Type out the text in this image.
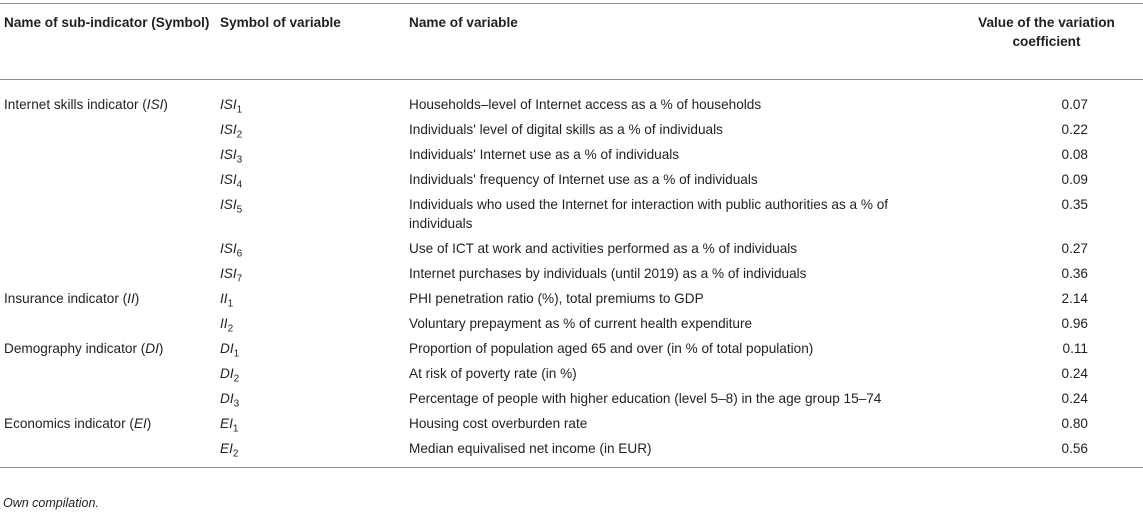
Name of sub-indicator (Symbol)	Symbol of variable	Name of variable	Value of the variation coefficient
Internet skills indicator (ISI)	$ISI_1$	Households–level of Internet access as a % of households	0.07
	$ISI_2$	Individuals' level of digital skills as a % of individuals	0.22
	$ISI_3$	Individuals' Internet use as a % of individuals	0.08
	$ISI_4$	Individuals' frequency of Internet use as a % of individuals	0.09
	$ISI_5$	Individuals who used the Internet for interaction with public authorities as a % of individuals	0.35
	$ISI_6$	Use of ICT at work and activities performed as a % of individuals	0.27
	$ISI_7$	Internet purchases by individuals (until 2019) as a % of individuals	0.36
Insurance indicator (II)	$II_1$	PHI penetration ratio (%), total premiums to GDP	2.14
	$II_2$	Voluntary prepayment as % of current health expenditure	0.96
Demography indicator (DI)	$DI_1$	Proportion of population aged 65 and over (in % of total population)	0.11
	$DI_2$	At risk of poverty rate (in %)	0.24
	$DI_3$	Percentage of people with higher education (level 5–8) in the age group 15–74	0.24
Economics indicator (EI)	$EI_1$	Housing cost overburden rate	0.80
	$EI_2$	Median equivalised net income (in EUR)	0.56
Own compilation.
